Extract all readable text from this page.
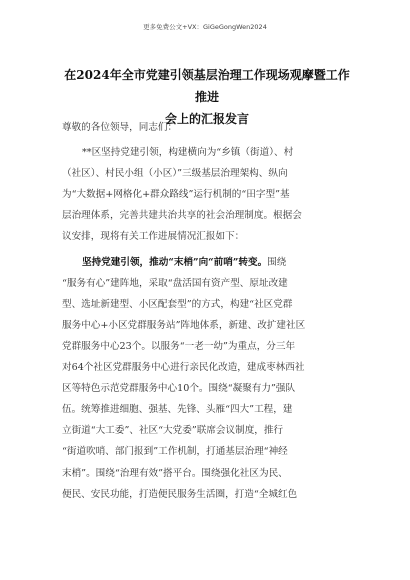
更多免费公文+VX：GiGeGongWen2024
在2024年全市党建引领基层治理工作现场观摩暨工作推进
会上的汇报发言
尊敬的各位领导，同志们：
**区坚持党建引领，构建横向为“乡镇（街道）、村
（社区）、村民小组（小区）”三级基层治理架构、纵向
为“大数据+网格化+群众路线”运行机制的“田字型”基
层治理体系，完善共建共治共享的社会治理制度。根据会
议安排，现将有关工作进展情况汇报如下：
坚持党建引领，推动“末梢”向“前哨”转变。围绕
“服务有心”建阵地，采取“盘活国有资产型、原址改建
型、选址新建型、小区配套型”的方式，构建“社区党群
服务中心+小区党群服务站”阵地体系，新建、改扩建社区
党群服务中心23个。以服务“一老一幼”为重点，分三年
对64个社区党群服务中心进行亲民化改造，建成枣林西社
区等特色示范党群服务中心10个。围绕“凝聚有力”强队
伍。统筹推进细胞、强基、先锋、头雁“四大”工程，建
立街道“大工委”、社区“大党委”联席会议制度，推行
“街道吹哨、部门报到”工作机制，打通基层治理“神经
末梢”。围绕“治理有效”搭平台。围绕强化社区为民、
便民、安民功能，打造便民服务生活圈，打造“全城红色
